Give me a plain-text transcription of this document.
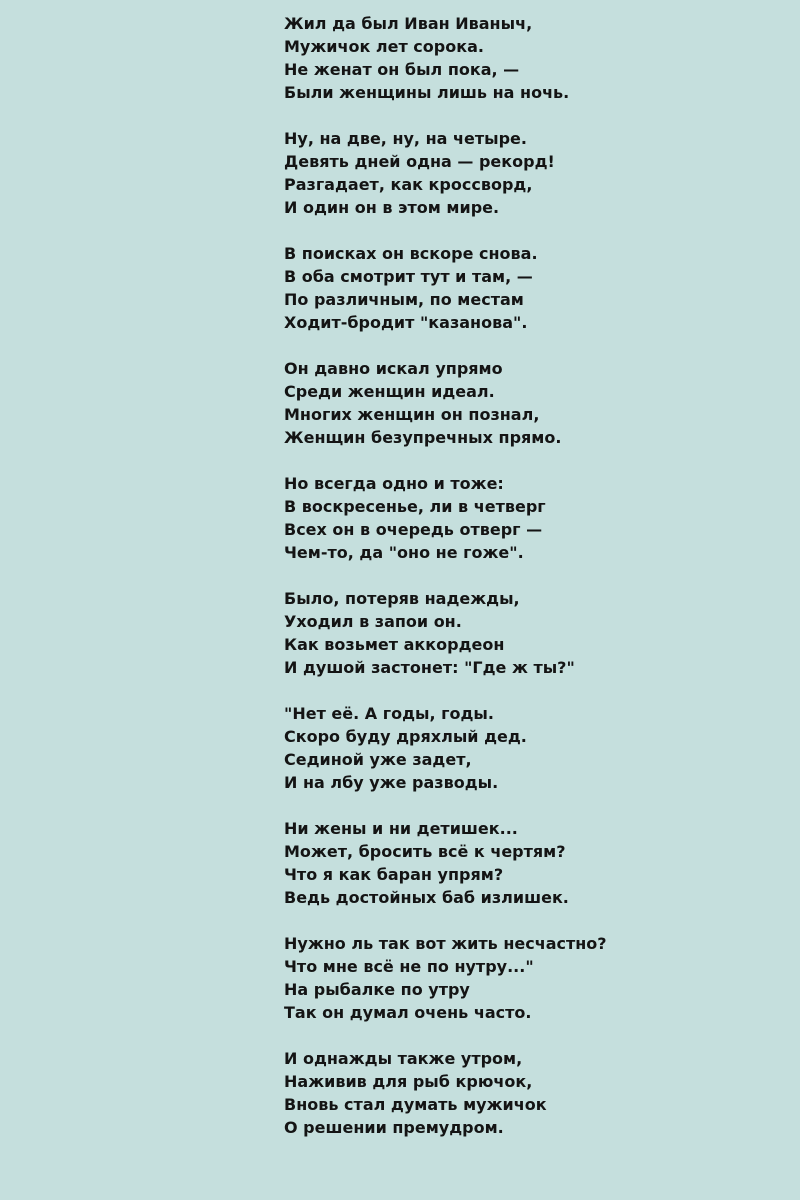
Жил да был Иван Иваныч,
Мужичок лет сорока.
Не женат он был пока, —
Были женщины лишь на ночь.
Ну, на две, ну, на четыре.
Девять дней одна — рекорд!
Разгадает, как кроссворд,
И один он в этом мире.
В поисках он вскоре снова.
В оба смотрит тут и там, —
По различным, по местам
Ходит-бродит "казанова".
Он давно искал упрямо
Среди женщин идеал.
Многих женщин он познал,
Женщин безупречных прямо.
Но всегда одно и тоже:
В воскресенье, ли в четверг
Всех он в очередь отверг —
Чем-то, да "оно не гоже".
Было, потеряв надежды,
Уходил в запои он.
Как возьмет аккордеон
И душой застонет: "Где ж ты?"
"Нет её. А годы, годы.
Скоро буду дряхлый дед.
Сединой уже задет,
И на лбу уже разводы.
Ни жены и ни детишек...
Может, бросить всё к чертям?
Что я как баран упрям?
Ведь достойных баб излишек.
Нужно ль так вот жить несчастно?
Что мне всё не по нутру..."
На рыбалке по утру
Так он думал очень часто.
И однажды также утром,
Наживив для рыб крючок,
Вновь стал думать мужичок
О решении премудром.
